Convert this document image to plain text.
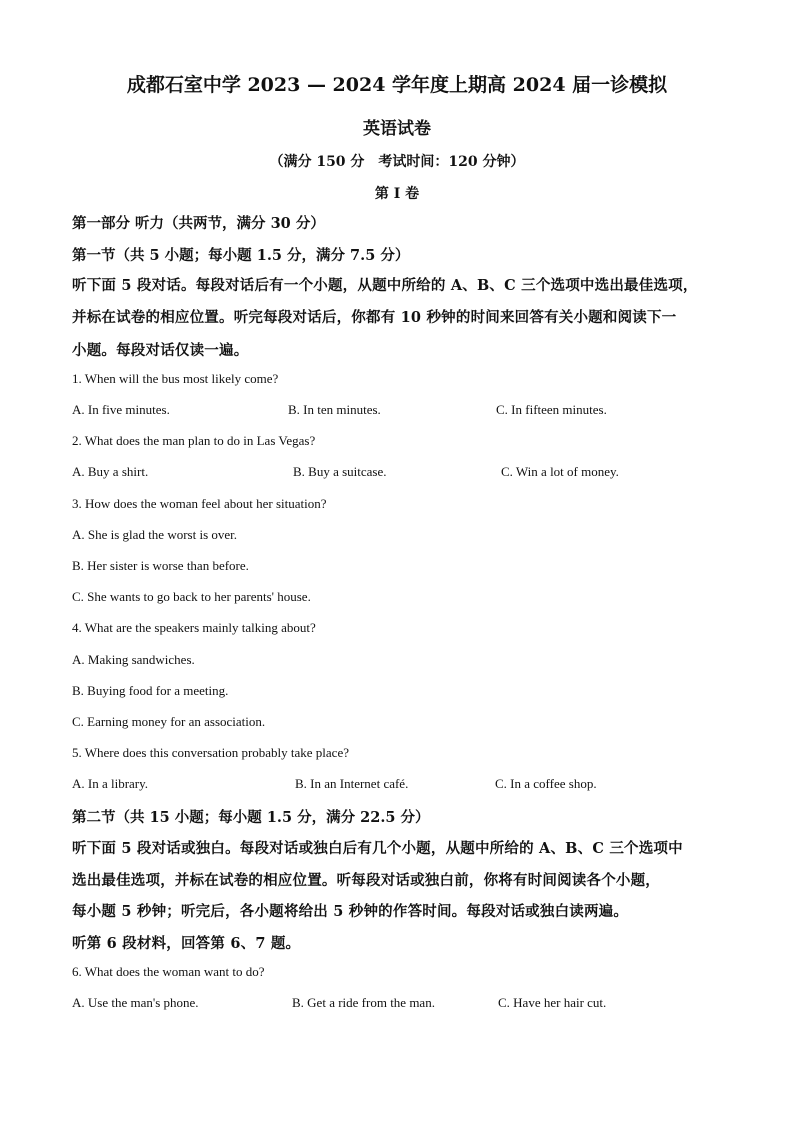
成都石室中学 2023 — 2024 学年度上期高 2024 届一诊模拟
英语试卷
（满分 150 分　考试时间：120 分钟）
第 I 卷
第一部分 听力（共两节，满分 30 分）
第一节（共 5 小题；每小题 1.5 分，满分 7.5 分）
听下面 5 段对话。每段对话后有一个小题，从题中所给的 A、B、C 三个选项中选出最佳选项，
并标在试卷的相应位置。听完每段对话后，你都有 10 秒钟的时间来回答有关小题和阅读下一
小题。每段对话仅读一遍。
1. When will the bus most likely come?
A. In five minutes.	B. In ten minutes.	C. In fifteen minutes.
2. What does the man plan to do in Las Vegas?
A. Buy a shirt.	B. Buy a suitcase.	C. Win a lot of money.
3. How does the woman feel about her situation?
A. She is glad the worst is over.
B. Her sister is worse than before.
C. She wants to go back to her parents' house.
4. What are the speakers mainly talking about?
A. Making sandwiches.
B. Buying food for a meeting.
C. Earning money for an association.
5. Where does this conversation probably take place?
A. In a library.	B. In an Internet café.	C. In a coffee shop.
第二节（共 15 小题；每小题 1.5 分，满分 22.5 分）
听下面 5 段对话或独白。每段对话或独白后有几个小题，从题中所给的 A、B、C 三个选项中
选出最佳选项，并标在试卷的相应位置。听每段对话或独白前，你将有时间阅读各个小题，
每小题 5 秒钟；听完后，各小题将给出 5 秒钟的作答时间。每段对话或独白读两遍。
听第 6 段材料，回答第 6、7 题。
6. What does the woman want to do?
A. Use the man's phone.	B. Get a ride from the man.	C. Have her hair cut.
